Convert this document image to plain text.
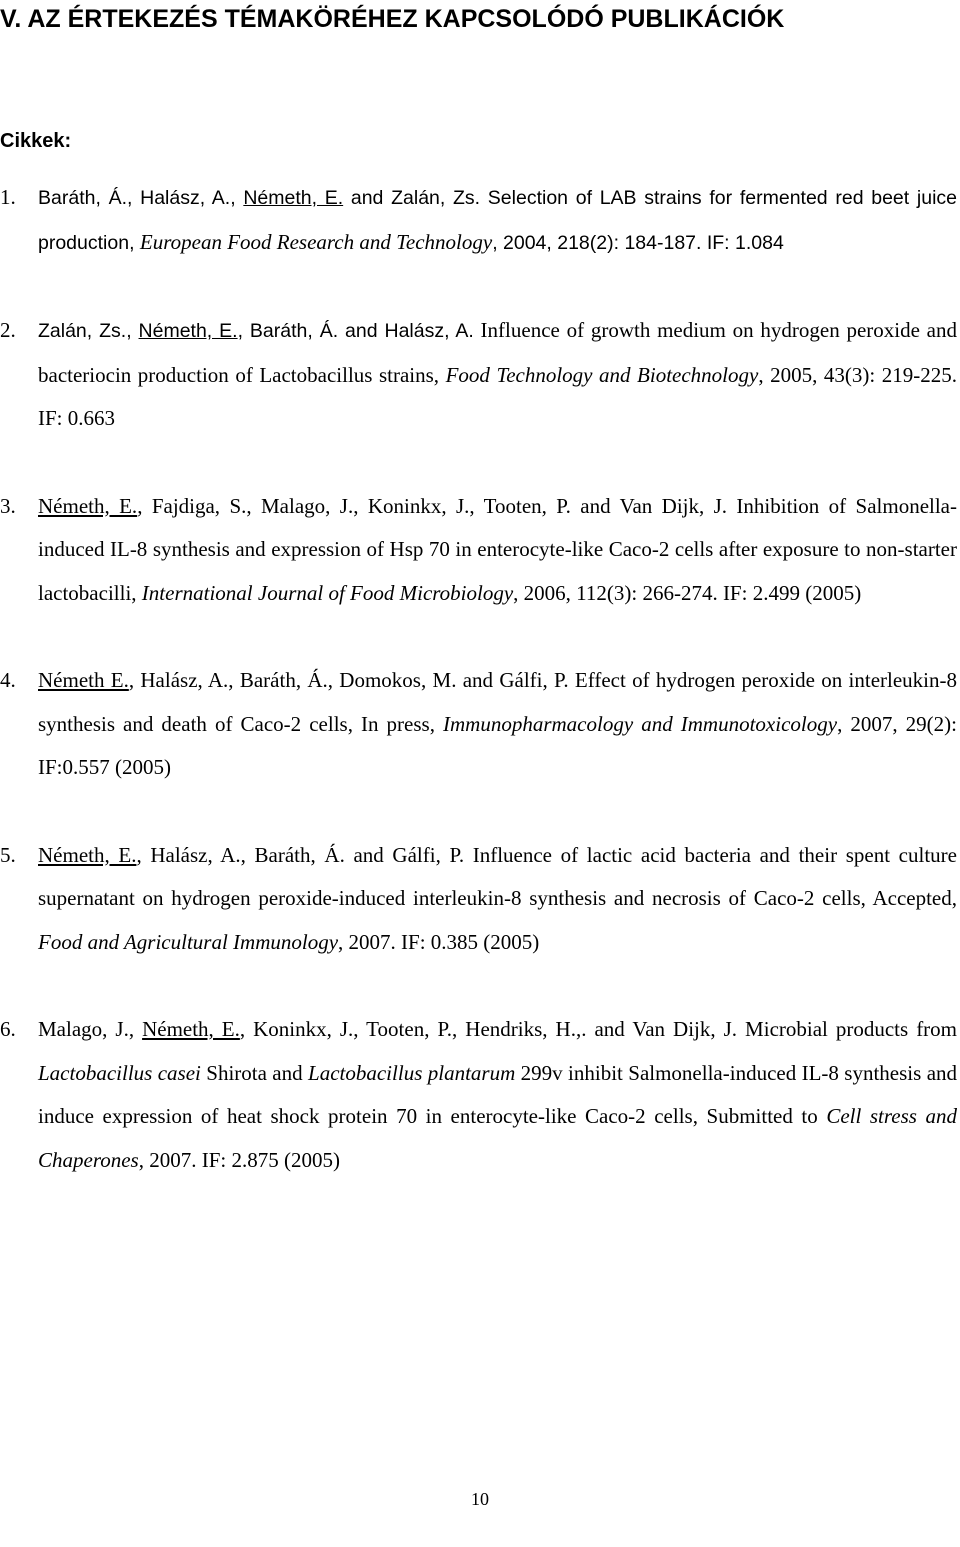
V. AZ ÉRTEKEZÉS TÉMAKÖRÉHEZ KAPCSOLÓDÓ PUBLIKÁCIÓK
Cikkek:
1. Baráth, Á., Halász, A., Németh, E. and Zalán, Zs. Selection of LAB strains for fermented red beet juice production, European Food Research and Technology, 2004, 218(2): 184-187. IF: 1.084
2. Zalán, Zs., Németh, E., Baráth, Á. and Halász, A. Influence of growth medium on hydrogen peroxide and bacteriocin production of Lactobacillus strains, Food Technology and Biotechnology, 2005, 43(3): 219-225. IF: 0.663
3. Németh, E., Fajdiga, S., Malago, J., Koninkx, J., Tooten, P. and Van Dijk, J. Inhibition of Salmonella-induced IL-8 synthesis and expression of Hsp 70 in enterocyte-like Caco-2 cells after exposure to non-starter lactobacilli, International Journal of Food Microbiology, 2006, 112(3): 266-274. IF: 2.499 (2005)
4. Németh E., Halász, A., Baráth, Á., Domokos, M. and Gálfi, P. Effect of hydrogen peroxide on interleukin-8 synthesis and death of Caco-2 cells, In press, Immunopharmacology and Immunotoxicology, 2007, 29(2): IF:0.557 (2005)
5. Németh, E., Halász, A., Baráth, Á. and Gálfi, P. Influence of lactic acid bacteria and their spent culture supernatant on hydrogen peroxide-induced interleukin-8 synthesis and necrosis of Caco-2 cells, Accepted, Food and Agricultural Immunology, 2007. IF: 0.385 (2005)
6. Malago, J., Németh, E., Koninkx, J., Tooten, P., Hendriks, H.,. and Van Dijk, J. Microbial products from Lactobacillus casei Shirota and Lactobacillus plantarum 299v inhibit Salmonella-induced IL-8 synthesis and induce expression of heat shock protein 70 in enterocyte-like Caco-2 cells, Submitted to Cell stress and Chaperones, 2007. IF: 2.875 (2005)
10
